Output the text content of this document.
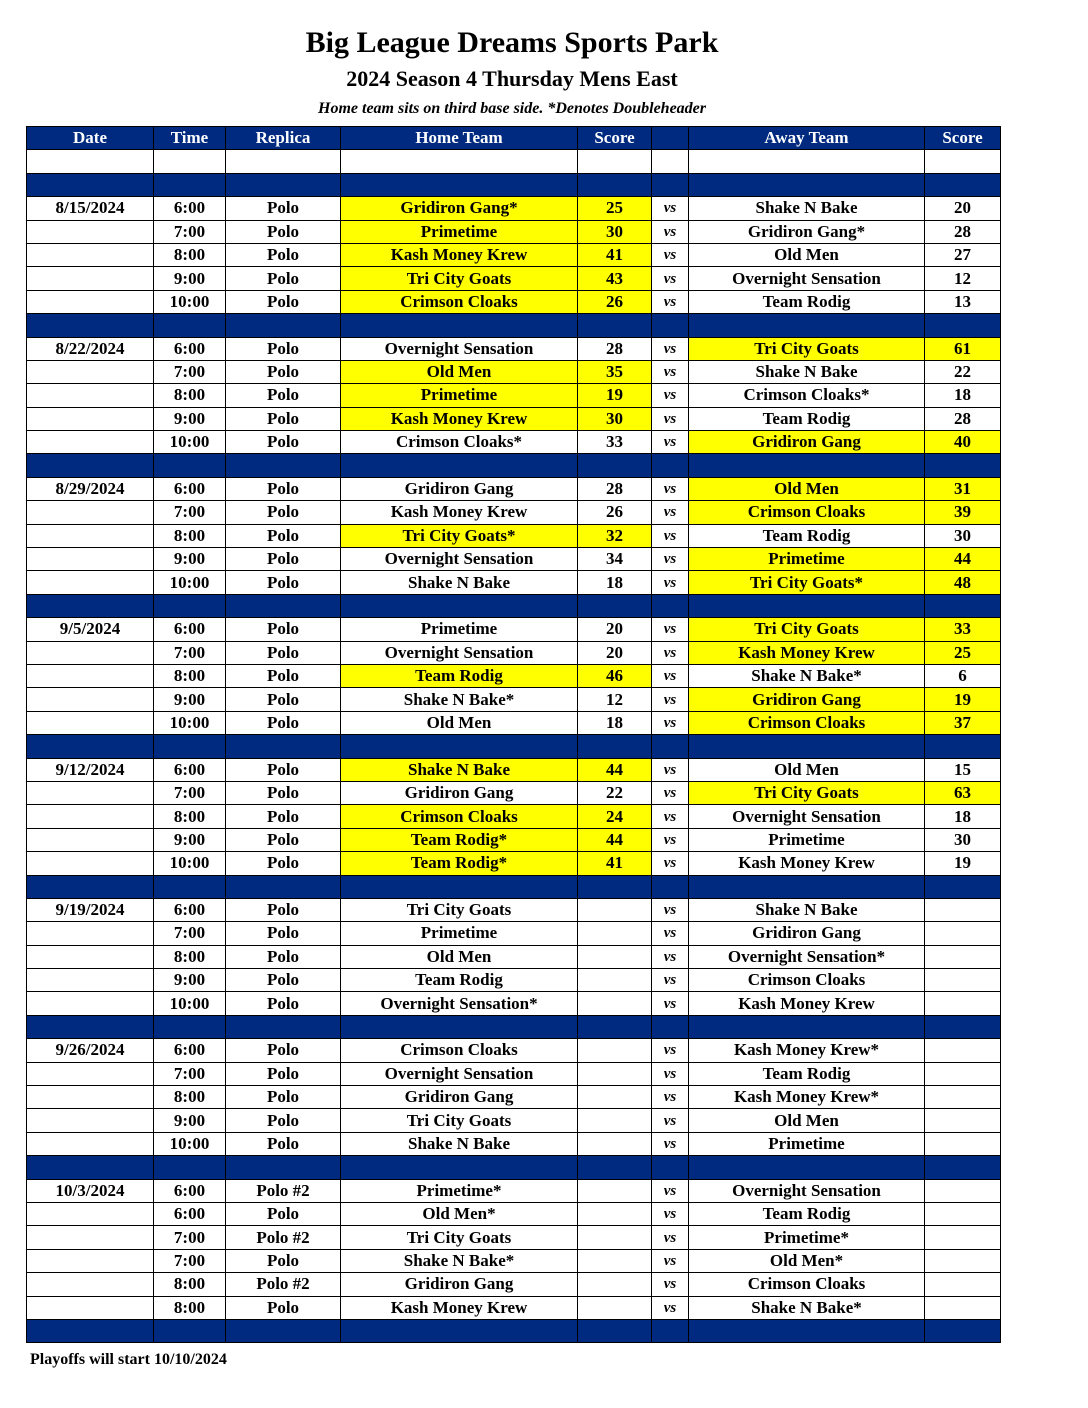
Big League Dreams Sports Park
2024 Season 4 Thursday Mens East
Home team sits on third base side. *Denotes Doubleheader
Date	Time	Replica	Home Team	Score		Away Team	Score

8/15/2024	6:00	Polo	Gridiron Gang*	25	vs	Shake N Bake	20
	7:00	Polo	Primetime	30	vs	Gridiron Gang*	28
	8:00	Polo	Kash Money Krew	41	vs	Old Men	27
	9:00	Polo	Tri City Goats	43	vs	Overnight Sensation	12
	10:00	Polo	Crimson Cloaks	26	vs	Team Rodig	13

8/22/2024	6:00	Polo	Overnight Sensation	28	vs	Tri City Goats	61
	7:00	Polo	Old Men	35	vs	Shake N Bake	22
	8:00	Polo	Primetime	19	vs	Crimson Cloaks*	18
	9:00	Polo	Kash Money Krew	30	vs	Team Rodig	28
	10:00	Polo	Crimson Cloaks*	33	vs	Gridiron Gang	40

8/29/2024	6:00	Polo	Gridiron Gang	28	vs	Old Men	31
	7:00	Polo	Kash Money Krew	26	vs	Crimson Cloaks	39
	8:00	Polo	Tri City Goats*	32	vs	Team Rodig	30
	9:00	Polo	Overnight Sensation	34	vs	Primetime	44
	10:00	Polo	Shake N Bake	18	vs	Tri City Goats*	48

9/5/2024	6:00	Polo	Primetime	20	vs	Tri City Goats	33
	7:00	Polo	Overnight Sensation	20	vs	Kash Money Krew	25
	8:00	Polo	Team Rodig	46	vs	Shake N Bake*	6
	9:00	Polo	Shake N Bake*	12	vs	Gridiron Gang	19
	10:00	Polo	Old Men	18	vs	Crimson Cloaks	37

9/12/2024	6:00	Polo	Shake N Bake	44	vs	Old Men	15
	7:00	Polo	Gridiron Gang	22	vs	Tri City Goats	63
	8:00	Polo	Crimson Cloaks	24	vs	Overnight Sensation	18
	9:00	Polo	Team Rodig*	44	vs	Primetime	30
	10:00	Polo	Team Rodig*	41	vs	Kash Money Krew	19

9/19/2024	6:00	Polo	Tri City Goats		vs	Shake N Bake	
	7:00	Polo	Primetime		vs	Gridiron Gang	
	8:00	Polo	Old Men		vs	Overnight Sensation*	
	9:00	Polo	Team Rodig		vs	Crimson Cloaks	
	10:00	Polo	Overnight Sensation*		vs	Kash Money Krew	

9/26/2024	6:00	Polo	Crimson Cloaks		vs	Kash Money Krew*	
	7:00	Polo	Overnight Sensation		vs	Team Rodig	
	8:00	Polo	Gridiron Gang		vs	Kash Money Krew*	
	9:00	Polo	Tri City Goats		vs	Old Men	
	10:00	Polo	Shake N Bake		vs	Primetime	

10/3/2024	6:00	Polo #2	Primetime*		vs	Overnight Sensation	
	6:00	Polo	Old Men*		vs	Team Rodig	
	7:00	Polo #2	Tri City Goats		vs	Primetime*	
	7:00	Polo	Shake N Bake*		vs	Old Men*	
	8:00	Polo #2	Gridiron Gang		vs	Crimson Cloaks	
	8:00	Polo	Kash Money Krew		vs	Shake N Bake*	

Playoffs will start 10/10/2024
